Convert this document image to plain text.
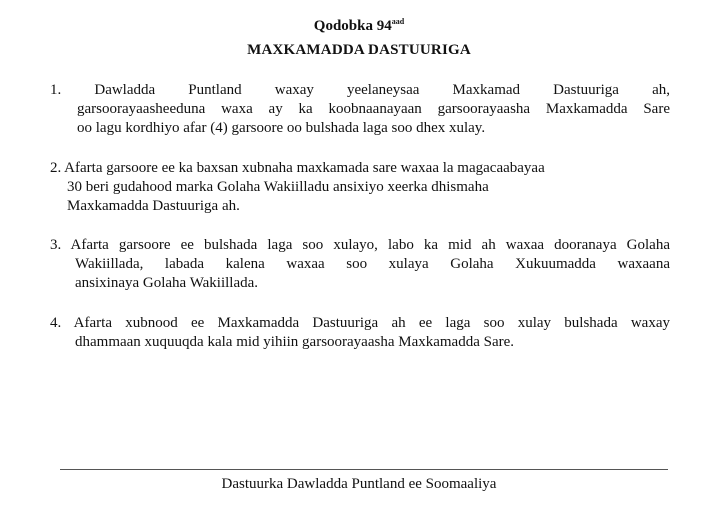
Qodobka $94^{aad}$
MAXKAMADDA DASTUURIGA
1.    Dawladda    Puntland    waxay    yeelaneysaa    Maxkamad    Dastuuriga    ah,
garsoorayaasheeduna waxa ay ka koobnaanayaan garsoorayaasha Maxkamadda Sare
oo lagu kordhiyo afar (4) garsoore oo bulshada laga soo dhex xulay.
2. Afarta garsoore ee ka baxsan xubnaha maxkamada sare waxaa la magacaabayaa
30 beri gudahood marka Golaha Wakiilladu ansixiyo xeerka dhismaha
Maxkamadda Dastuuriga ah.
3. Afarta garsoore ee bulshada laga soo xulayo, labo ka mid ah waxaa dooranaya Golaha
Wakiillada, labada kalena waxaa soo xulaya Golaha Xukuumadda waxaana
ansixinaya Golaha Wakiillada.
4. Afarta xubnood ee Maxkamadda Dastuuriga ah ee laga soo xulay bulshada waxay
dhammaan xuquuqda kala mid yihiin garsoorayaasha Maxkamadda Sare.
Dastuurka Dawladda Puntland ee Soomaaliya
